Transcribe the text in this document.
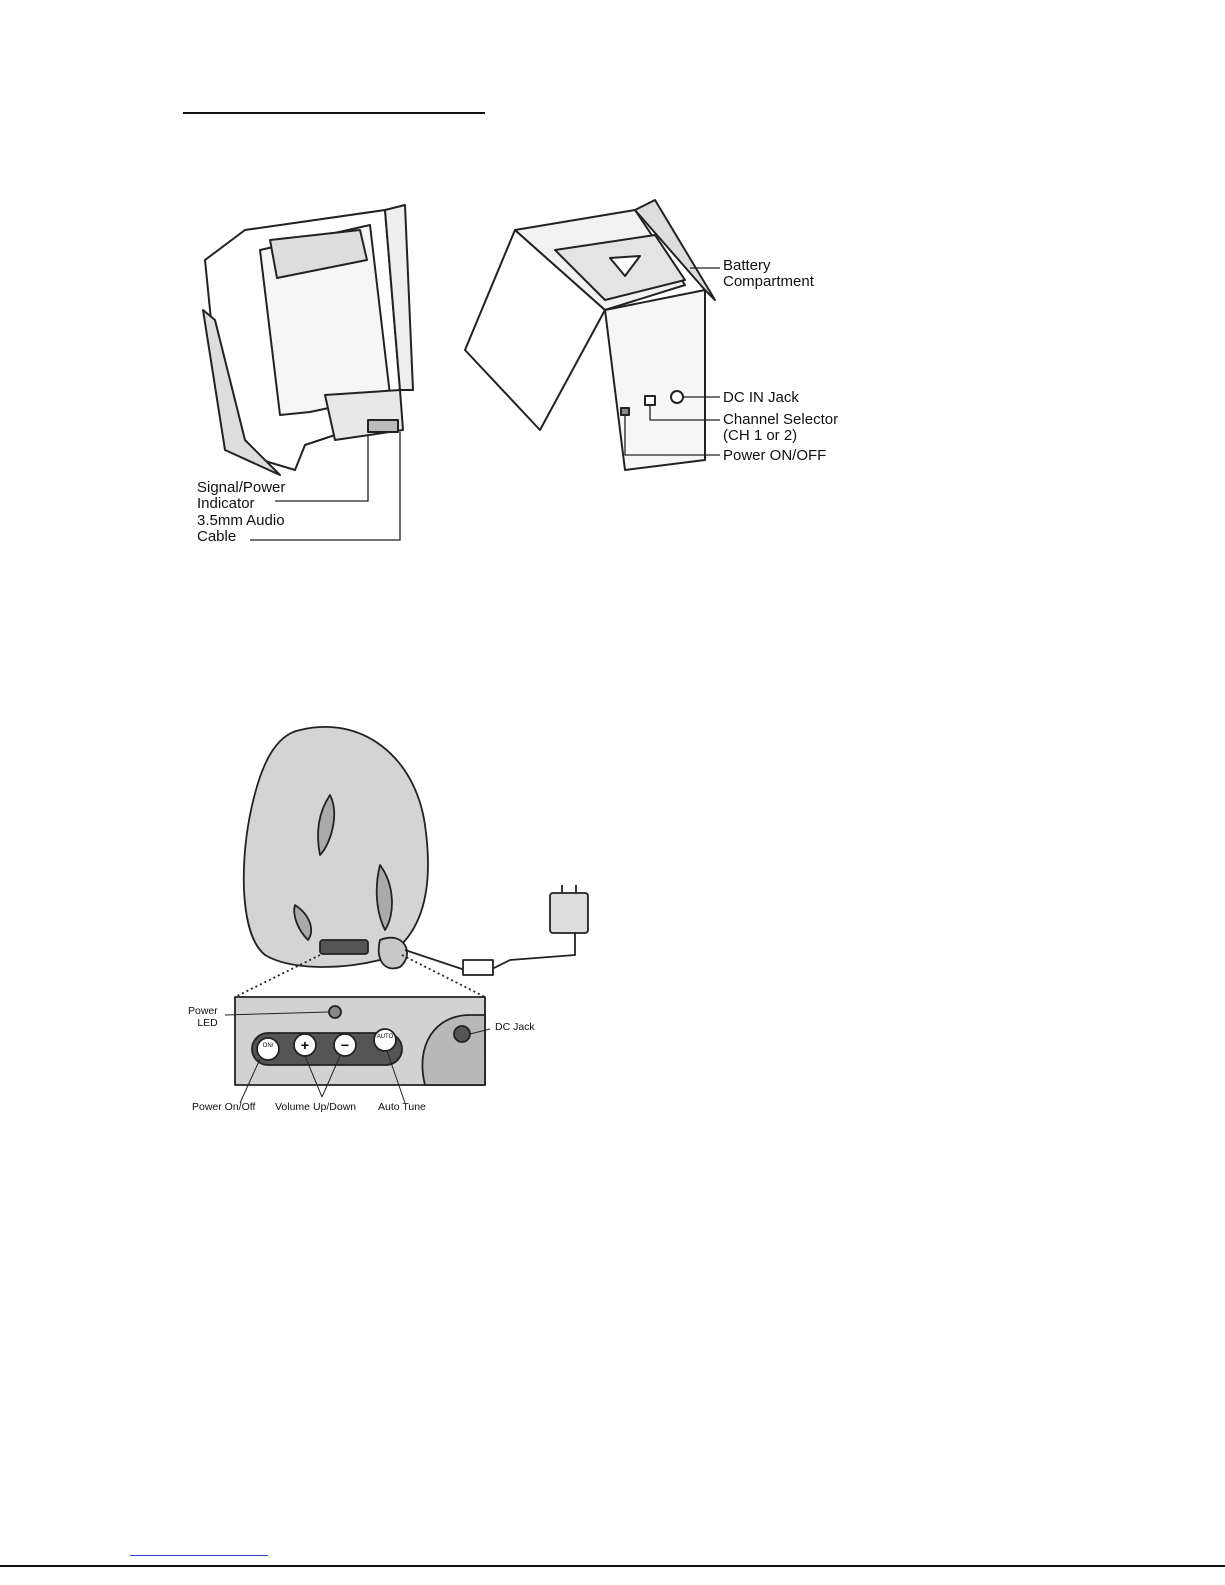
Battery
Compartment
DC IN Jack
Channel Selector
(CH 1 or 2)
Power ON/OFF
Signal/Power
Indicator
3.5mm Audio
Cable
ON/
AUTO
+ −
Power
LED	DC Jack
Power On/Off Volume Up/Down Auto Tune
